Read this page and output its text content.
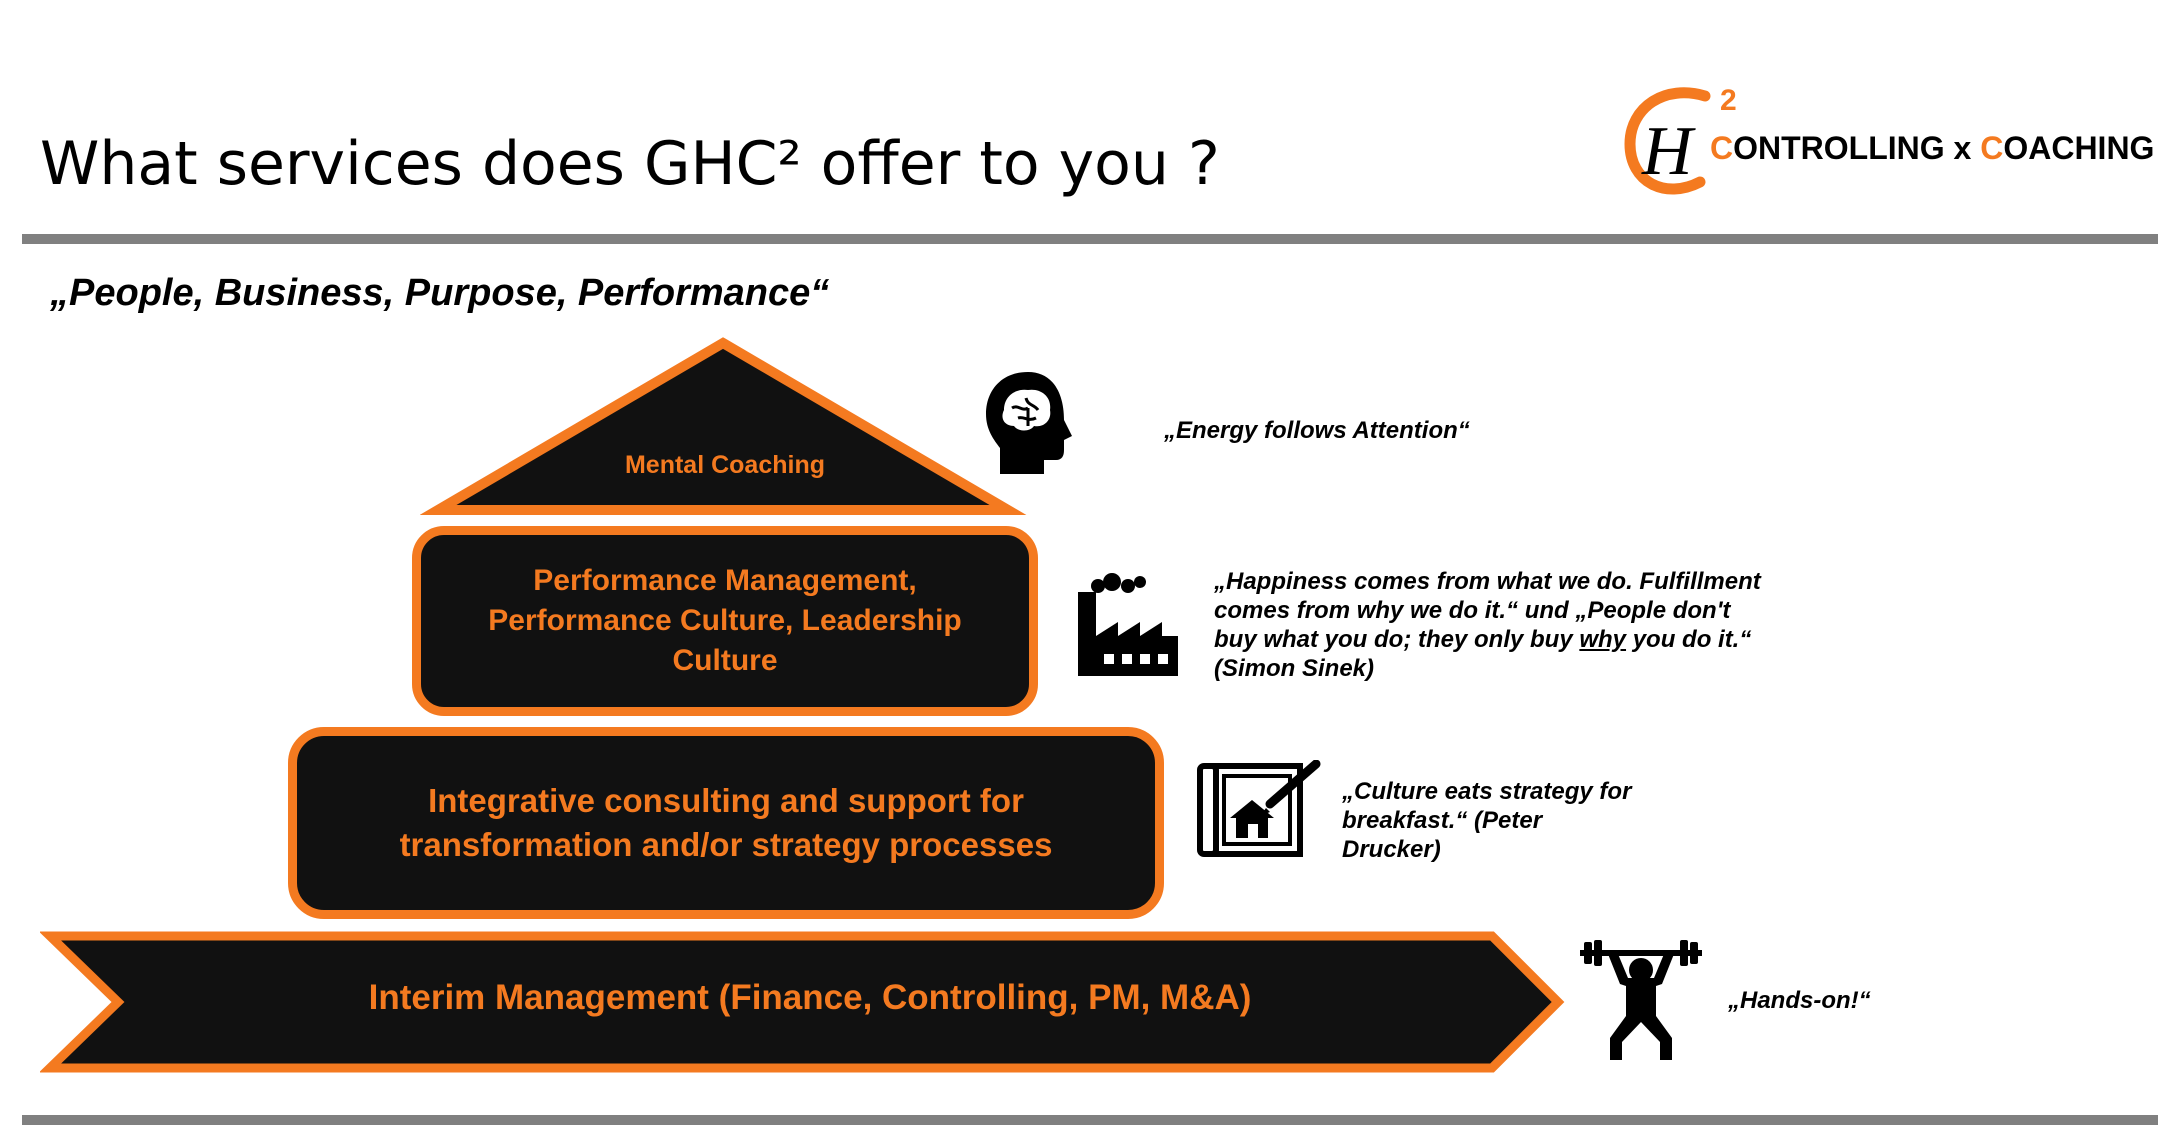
What services does GHC² offer to you ?	H
2
CONTROLLING x COACHING
„People, Business, Purpose, Performance“
Mental Coaching
Performance Management, Performance Culture, Leadership Culture
Integrative consulting and support for transformation and/or strategy processes
Interim Management (Finance, Controlling, PM, M&A)
„Energy follows Attention“
„Happiness comes from what we do. Fulfillment
comes from why we do it.“ und „People don't
buy what you do; they only buy why you do it.“
(Simon Sinek)
„Culture eats strategy for
breakfast.“ (Peter
Drucker)
„Hands-on!“
